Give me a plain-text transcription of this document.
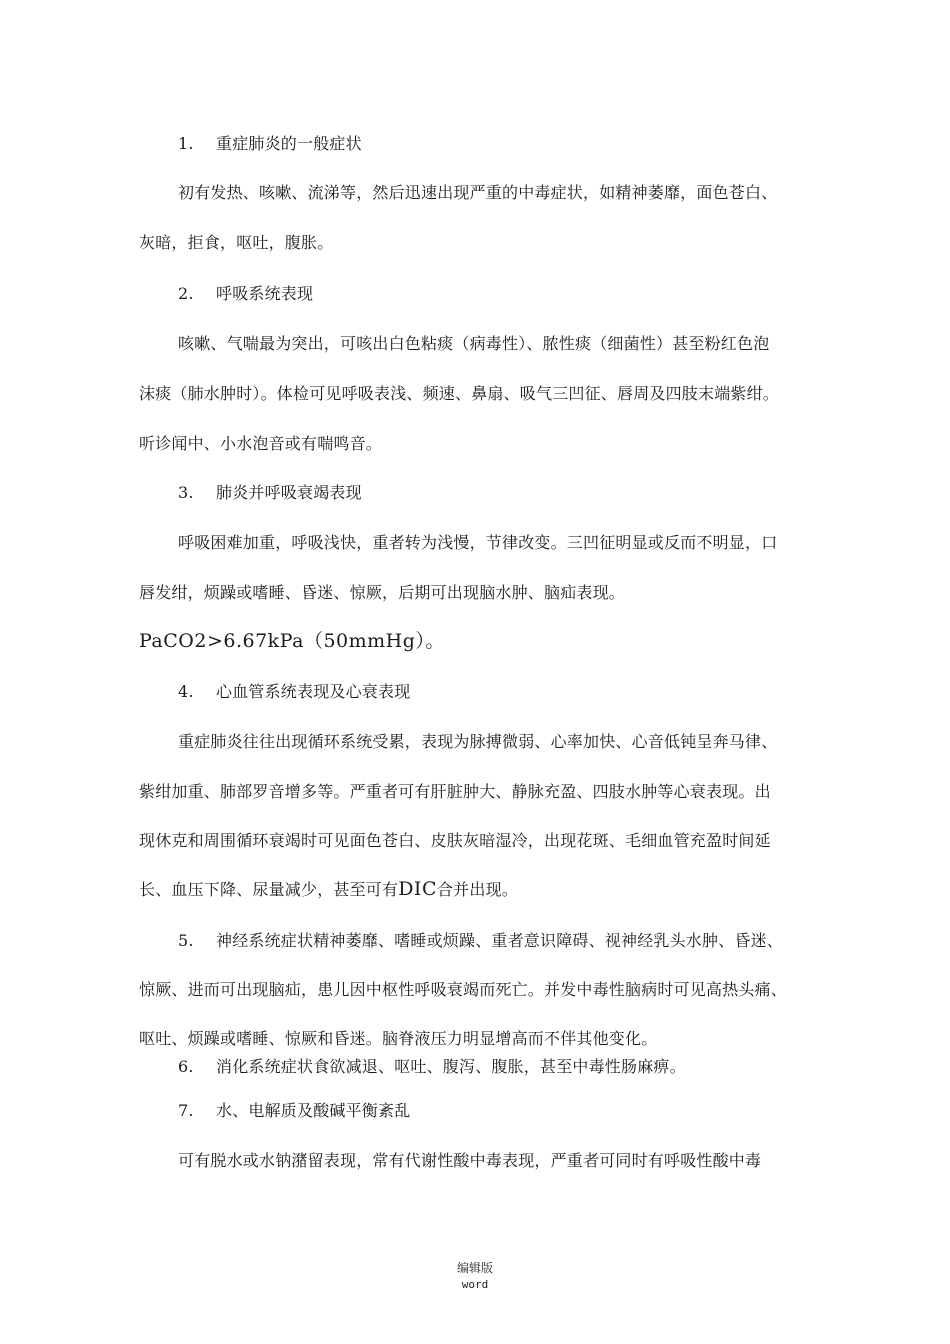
1. 重症肺炎的一般症状
初有发热、咳嗽、流涕等，然后迅速出现严重的中毒症状，如精神萎靡，面色苍白、
灰暗，拒食，呕吐，腹胀。
2. 呼吸系统表现
咳嗽、气喘最为突出，可咳出白色粘痰（病毒性）、脓性痰（细菌性）甚至粉红色泡
沫痰（肺水肿时）。体检可见呼吸表浅、频速、鼻扇、吸气三凹征、唇周及四肢末端紫绀。
听诊闻中、小水泡音或有喘鸣音。
3. 肺炎并呼吸衰竭表现
呼吸困难加重，呼吸浅快，重者转为浅慢，节律改变。三凹征明显或反而不明显，口
唇发绀，烦躁或嗜睡、昏迷、惊厥，后期可出现脑水肿、脑疝表现。
PaCO2>6.67kPa（50mmHg）。
4. 心血管系统表现及心衰表现
重症肺炎往往出现循环系统受累，表现为脉搏微弱、心率加快、心音低钝呈奔马律、
紫绀加重、肺部罗音增多等。严重者可有肝脏肿大、静脉充盈、四肢水肿等心衰表现。出
现休克和周围循环衰竭时可见面色苍白、皮肤灰暗湿冷，出现花斑、毛细血管充盈时间延
长、血压下降、尿量减少，甚至可有DIC合并出现。
5. 神经系统症状精神萎靡、嗜睡或烦躁、重者意识障碍、视神经乳头水肿、昏迷、
惊厥、进而可出现脑疝，患儿因中枢性呼吸衰竭而死亡。并发中毒性脑病时可见高热头痛、
呕吐、烦躁或嗜睡、惊厥和昏迷。脑脊液压力明显增高而不伴其他变化。
6. 消化系统症状食欲减退、呕吐、腹泻、腹胀，甚至中毒性肠麻痹。
7. 水、电解质及酸碱平衡紊乱
可有脱水或水钠潴留表现，常有代谢性酸中毒表现，严重者可同时有呼吸性酸中毒
编辑版
word
